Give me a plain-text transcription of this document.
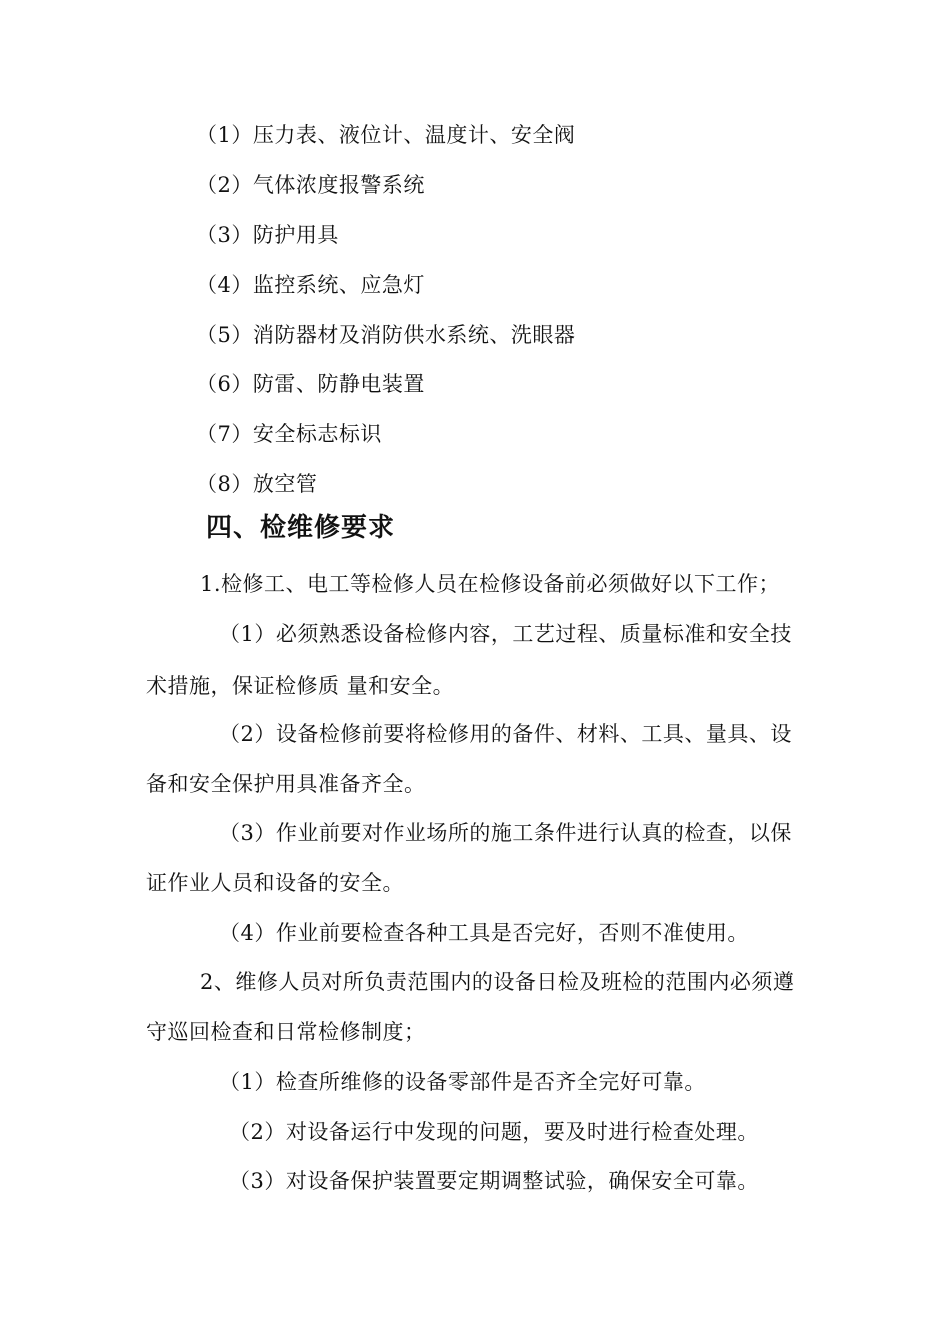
（1）压力表、液位计、温度计、安全阀
（2）气体浓度报警系统
（3）防护用具
（4）监控系统、应急灯
（5）消防器材及消防供水系统、洗眼器
（6）防雷、防静电装置
（7）安全标志标识
（8）放空管
四、检维修要求
1.检修工、电工等检修人员在检修设备前必须做好以下工作；
（1）必须熟悉设备检修内容，工艺过程、质量标准和安全技
术措施，保证检修质 量和安全。
（2）设备检修前要将检修用的备件、材料、工具、量具、设
备和安全保护用具准备齐全。
（3）作业前要对作业场所的施工条件进行认真的检查，以保
证作业人员和设备的安全。
（4）作业前要检查各种工具是否完好，否则不准使用。
2、维修人员对所负责范围内的设备日检及班检的范围内必须遵
守巡回检查和日常检修制度；
（1）检查所维修的设备零部件是否齐全完好可靠。
（2）对设备运行中发现的问题，要及时进行检查处理。
（3）对设备保护装置要定期调整试验，确保安全可靠。
